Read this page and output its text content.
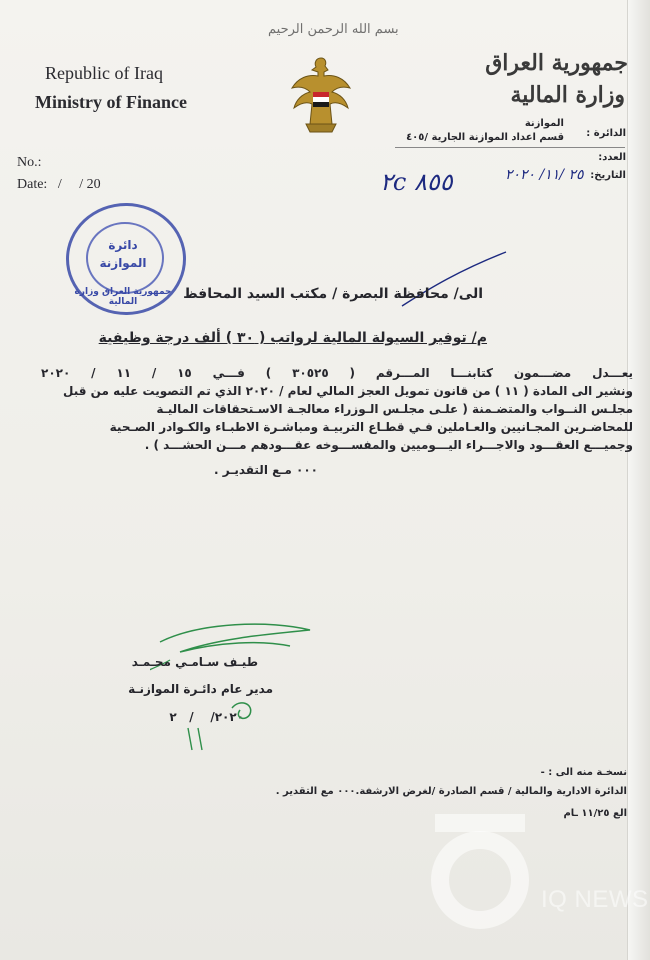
بسم الله الرحمن الرحيم
Republic of Iraq
Ministry of Finance
جمهورية العراق
وزارة المالية
الموازنة
الدائرة :
قسم اعداد الموازنة الجارية /٤٠٥
No.:
Date:   /     / 20
العدد:
التاريخ:
٢٥ /١١/ ٢٠٢٠
٢c ٨٥٥
جمهورية العراق وزارة المالية
دائرة
الموازنة
الى/ محافظة البصرة / مكتب السيد المحافظ
م/ توفير السيولة المالية لرواتب ( ٣٠ ) ألف درجة وظيفية
يعـــدل مضـــمون كتابنـــا المـــرقم ( ٣٠٥٢٥ ) فـــي ١٥ / ١١ / ٢٠٢٠
ونشير الى المادة ( ١١ ) من قانون تمويل العجز المالي لعام / ٢٠٢٠ الذي تم التصويت عليه من قبل
مجلـس النــواب والمتضـمنة ( علـى مجلـس الـوزراء معالجـة الاسـتحقاقات الماليـة
للمحاضـرين المجـانيين والعـاملين فـي قطـاع التربيـة ومباشـرة الاطبـاء والكـوادر الصـحية
وجميـــع العقـــود والاجـــراء اليـــوميين والمفســـوخه عقـــودهم مـــن الحشـــد ) .
٠٠٠ مـع التقديـر .
طيـف سـامـي محـمـد
مدير عام دائـرة الموازنـة
٢٠٢٠/    /   ٢
نسخـة منه الى : -
الدائرة الادارية والمالية / قسم الصادرة /لغرض الارشفة.٠٠٠ مع التقدير .
الع ١١/٢٥ ـام
IQ NEWS
